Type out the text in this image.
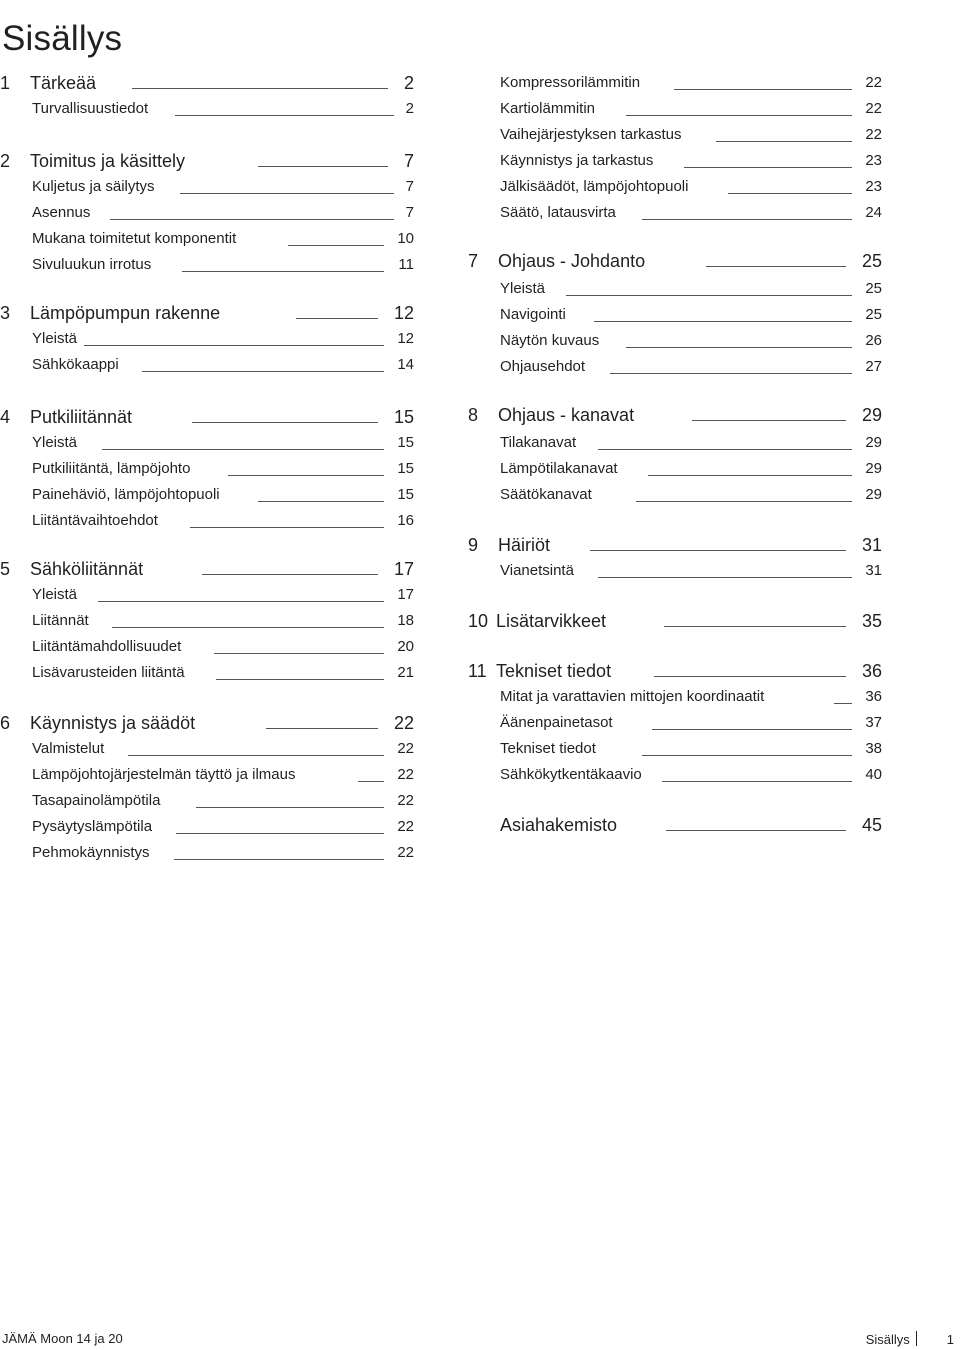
Sisällys
1 Tärkeää	2
Turvallisuustiedot	2
2 Toimitus ja käsittely	7
Kuljetus ja säilytys	7
Asennus	7
Mukana toimitetut komponentit	10
Sivuluukun irrotus	11
3 Lämpöpumpun rakenne	12
Yleistä	12
Sähkökaappi	14
4 Putkiliitännät	15
Yleistä	15
Putkiliitäntä, lämpöjohto	15
Painehäviö, lämpöjohtopuoli	15
Liitäntävaihtoehdot	16
5 Sähköliitännät	17
Yleistä	17
Liitännät	18
Liitäntämahdollisuudet	20
Lisävarusteiden liitäntä	21
6 Käynnistys ja säädöt	22
Valmistelut	22
Lämpöjohtojärjestelmän täyttö ja ilmaus	22
Tasapainolämpötila	22
Pysäytyslämpötila	22
Pehmokäynnistys	22
Kompressorilämmitin	22
Kartiolämmitin	22
Vaihejärjestyksen tarkastus	22
Käynnistys ja tarkastus	23
Jälkisäädöt, lämpöjohtopuoli	23
Säätö, latausvirta	24
7 Ohjaus - Johdanto	25
Yleistä	25
Navigointi	25
Näytön kuvaus	26
Ohjausehdot	27
8 Ohjaus - kanavat	29
Tilakanavat	29
Lämpötilakanavat	29
Säätökanavat	29
9 Häiriöt	31
Vianetsintä	31
10 Lisätarvikkeet	35
11 Tekniset tiedot	36
Mitat ja varattavien mittojen koordinaatit	36
Äänenpainetasot	37
Tekniset tiedot	38
Sähkökytkentäkaavio	40
Asiahakemisto	45
JÄMÄ Moon 14 ja 20	Sisällys	1
